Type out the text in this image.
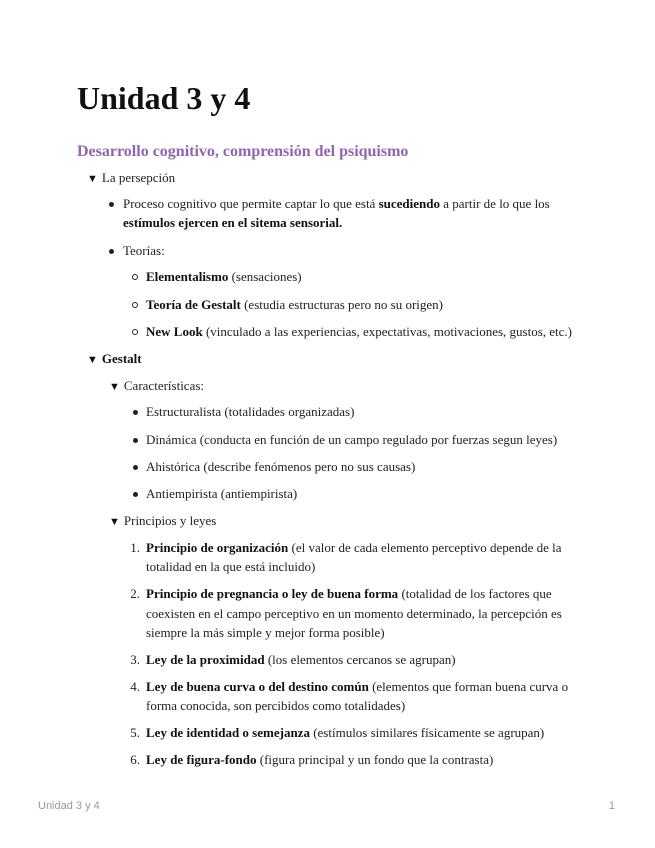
Unidad 3 y 4
Desarrollo cognitivo, comprensión del psiquismo
▼ La persepción
Proceso cognitivo que permite captar lo que está sucediendo a partir de lo que los
estímulos ejercen en el sitema sensorial.
Teorías:
Elementalismo (sensaciones)
Teoría de Gestalt (estudia estructuras pero no su origen)
New Look (vinculado a las experiencias, expectativas, motivaciones, gustos, etc.)
▼ Gestalt
▼ Características:
Estructuralista (totalidades organizadas)
Dinámica (conducta en función de un campo regulado por fuerzas segun leyes)
Ahistórica (describe fenómenos pero no sus causas)
Antiempirista (antiempirista)
▼ Principios y leyes
1. Principio de organización (el valor de cada elemento perceptivo depende de la
totalidad en la que está incluido)
2. Principio de pregnancia o ley de buena forma (totalidad de los factores que
coexisten en el campo perceptivo en un momento determinado, la percepción es
siempre la más simple y mejor forma posible)
3. Ley de la proximidad (los elementos cercanos se agrupan)
4. Ley de buena curva o del destino común (elementos que forman buena curva o
forma conocida, son percibidos como totalidades)
5. Ley de identidad o semejanza (estímulos similares físicamente se agrupan)
6. Ley de figura-fondo (figura principal y un fondo que la contrasta)
Unidad 3 y 4	1
